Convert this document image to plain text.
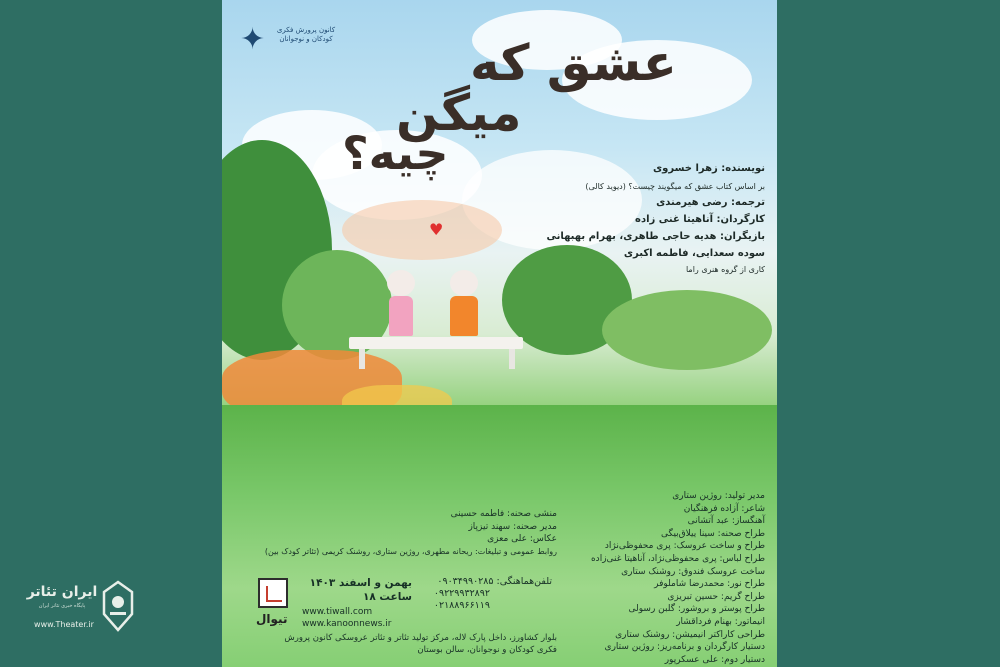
♥
✦ کانون پرورش فکری کودکان و نوجوانان	عشق که
میگن
چیه؟	نویسنده: زهرا خسروی
بر اساس کتاب عشق که میگویند چیست؟ (دیوید کالی)
ترجمه: رضی هیرمندی
کارگردان: آناهیتا غنی زاده
بازیگران: هدیه حاجی طاهری، بهرام بهبهانی
سوده سعدایی، فاطمه اکبری
کاری از گروه هنری راما
مدیر تولید: روژین ستاری
شاعر: آزاده فرهنگیان
آهنگساز: عبد آتشانی
طراح صحنه: سینا ییلاق‌بیگی
طراح و ساخت عروسک: پری محفوظی‌نژاد
طراح لباس: پری محفوظی‌نژاد، آناهیتا غنی‌زاده
ساخت عروسک فندوق: روشنک ستاری
طراح نور: محمدرضا شاملوفر
طراح گریم: حسین تبریزی
طراح پوستر و بروشور: گلبن رسولی
انیماتور: بهنام فرداقشار
طراحی کاراکتر انیمیشن: روشنک ستاری
دستیار کارگردان و برنامه‌ریز: روژین ستاری
دستیار دوم: علی عسکرپور
منشی صحنه: فاطمه حسینی
مدیر صحنه: سهند تیزپاز
عکاس: علی معزی
روابط عمومی و تبلیغات: ریحانه مطهری، روژین ستاری، روشنک کریمی (تئاتر کودک بین)
تلفن‌هماهنگی: ۰۹۰۳۴۹۹۰۲۸۵
۰۹۲۲۹۹۳۲۸۹۲
۰۲۱۸۸۹۶۶۱۱۹
بهمن و اسفند ۱۴۰۳
ساعت ۱۸
www.tiwall.com
www.kanoonnews.ir
تیوال
بلوار کشاورز، داخل پارک لاله، مرکز تولید تئاتر و تئاتر عروسکی کانون پرورش
فکری کودکان و نوجوانان، سالن بوستان
ایران تئاتر
پایگاه خبری تئاتر ایران
www.Theater.ir
